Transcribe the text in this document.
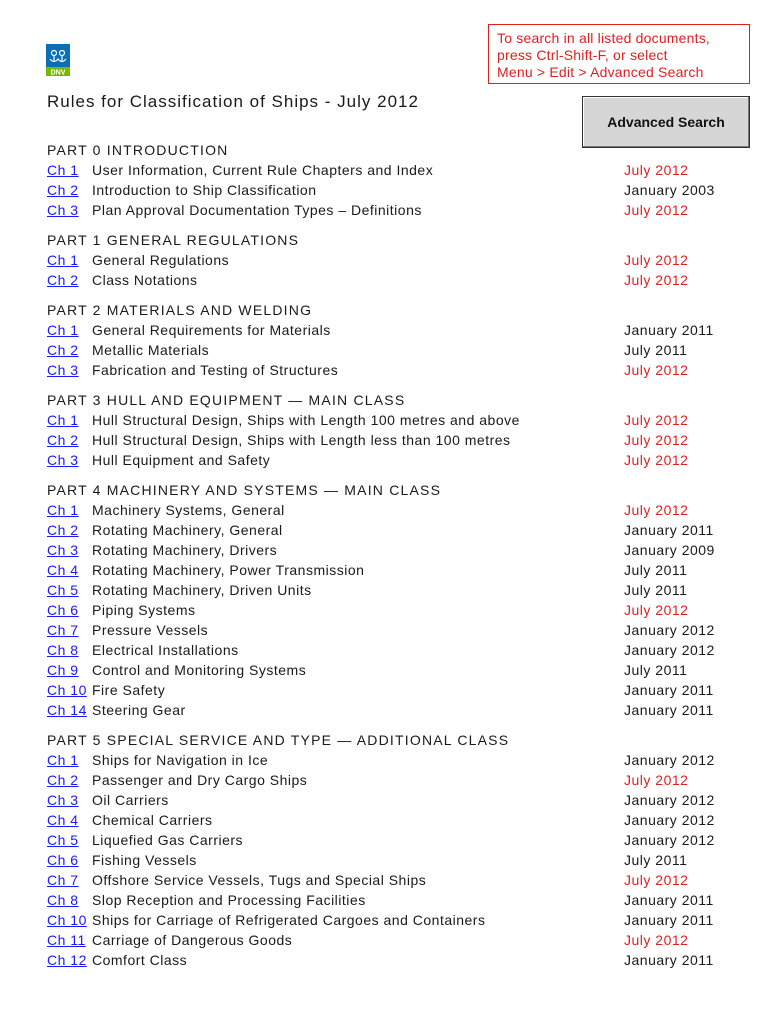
DNV
To search in all listed documents,
press Ctrl-Shift-F, or select
Menu > Edit > Advanced Search
Advanced Search
Rules for Classification of Ships - July 2012
PART 0 INTRODUCTION
Ch 1 User Information, Current Rule Chapters and Index	July 2012
Ch 2 Introduction to Ship Classification	January 2003
Ch 3 Plan Approval Documentation Types – Definitions	July 2012
PART 1 GENERAL REGULATIONS
Ch 1 General Regulations	July 2012
Ch 2 Class Notations	July 2012
PART 2 MATERIALS AND WELDING
Ch 1 General Requirements for Materials	January 2011
Ch 2 Metallic Materials	July 2011
Ch 3 Fabrication and Testing of Structures	July 2012
PART 3 HULL AND EQUIPMENT — MAIN CLASS
Ch 1 Hull Structural Design, Ships with Length 100 metres and above	July 2012
Ch 2 Hull Structural Design, Ships with Length less than 100 metres	July 2012
Ch 3 Hull Equipment and Safety	July 2012
PART 4 MACHINERY AND SYSTEMS — MAIN CLASS
Ch 1 Machinery Systems, General	July 2012
Ch 2 Rotating Machinery, General	January 2011
Ch 3 Rotating Machinery, Drivers	January 2009
Ch 4 Rotating Machinery, Power Transmission	July 2011
Ch 5 Rotating Machinery, Driven Units	July 2011
Ch 6 Piping Systems	July 2012
Ch 7 Pressure Vessels	January 2012
Ch 8 Electrical Installations	January 2012
Ch 9 Control and Monitoring Systems	July 2011
Ch 10 Fire Safety	January 2011
Ch 14 Steering Gear	January 2011
PART 5 SPECIAL SERVICE AND TYPE — ADDITIONAL CLASS
Ch 1 Ships for Navigation in Ice	January 2012
Ch 2 Passenger and Dry Cargo Ships	July 2012
Ch 3 Oil Carriers	January 2012
Ch 4 Chemical Carriers	January 2012
Ch 5 Liquefied Gas Carriers	January 2012
Ch 6 Fishing Vessels	July 2011
Ch 7 Offshore Service Vessels, Tugs and Special Ships	July 2012
Ch 8 Slop Reception and Processing Facilities	January 2011
Ch 10 Ships for Carriage of Refrigerated Cargoes and Containers	January 2011
Ch 11 Carriage of Dangerous Goods	July 2012
Ch 12 Comfort Class	January 2011
